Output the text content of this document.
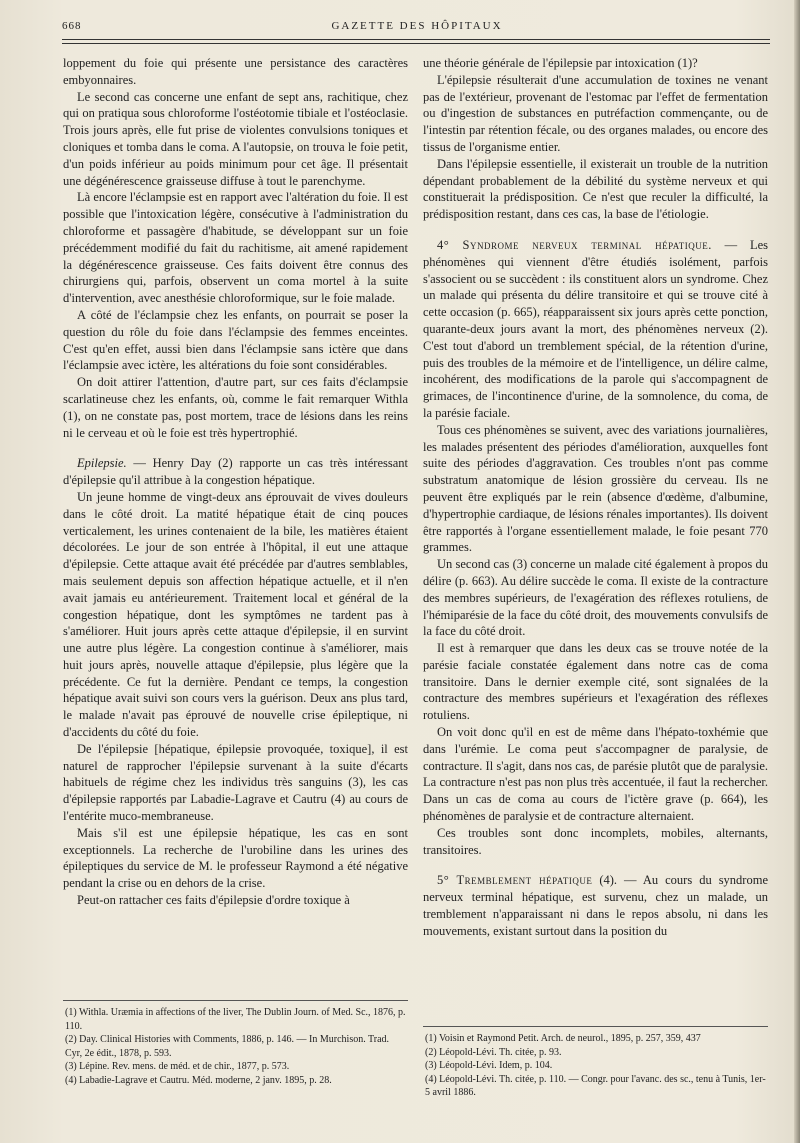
668	GAZETTE DES HÔPITAUX

loppement du foie qui présente une persistance des caractères embyonnaires.

Le second cas concerne une enfant de sept ans, rachitique, chez qui on pratiqua sous chloroforme l'ostéotomie tibiale et l'ostéoclasie. Trois jours après, elle fut prise de violentes convulsions toniques et cloniques et tomba dans le coma. A l'autopsie, on trouva le foie petit, d'un poids inférieur au poids minimum pour cet âge. Il présentait une dégénérescence graisseuse diffuse à tout le parenchyme.

Là encore l'éclampsie est en rapport avec l'altération du foie. Il est possible que l'intoxication légère, consécutive à l'administration du chloroforme et passagère d'habitude, se développant sur un foie précédemment modifié du fait du rachitisme, ait amené rapidement la dégénérescence graisseuse. Ces faits doivent être connus des chirurgiens qui, parfois, observent un coma mortel à la suite d'intervention, avec anesthésie chloroformique, sur le foie malade.

A côté de l'éclampsie chez les enfants, on pourrait se poser la question du rôle du foie dans l'éclampsie des femmes enceintes. C'est qu'en effet, aussi bien dans l'éclampsie sans ictère que dans l'éclampsie avec ictère, les altérations du foie sont considérables.

On doit attirer l'attention, d'autre part, sur ces faits d'éclampsie scarlatineuse chez les enfants, où, comme le fait remarquer Withla (1), on ne constate pas, post mortem, trace de lésions dans les reins ni le cerveau et où le foie est très hypertrophié.

Epilepsie. — Henry Day (2) rapporte un cas très intéressant d'épilepsie qu'il attribue à la congestion hépatique.

Un jeune homme de vingt-deux ans éprouvait de vives douleurs dans le côté droit. La matité hépatique était de cinq pouces verticalement, les urines contenaient de la bile, les matières étaient décolorées. Le jour de son entrée à l'hôpital, il eut une attaque d'épilepsie. Cette attaque avait été précédée par d'autres semblables, mais seulement depuis son affection hépatique actuelle, et il n'en avait jamais eu antérieurement. Traitement local et général de la congestion hépatique, dont les symptômes ne tardent pas à s'améliorer. Huit jours après cette attaque d'épilepsie, il en survint une autre plus légère. La congestion continue à s'améliorer, mais huit jours après, nouvelle attaque d'épilepsie, plus légère que la précédente. Ce fut la dernière. Pendant ce temps, la congestion hépatique avait suivi son cours vers la guérison. Deux ans plus tard, le malade n'avait pas éprouvé de nouvelle crise épileptique, ni d'accidents du côté du foie.

De l'épilepsie [hépatique, épilepsie provoquée, toxique], il est naturel de rapprocher l'épilepsie survenant à la suite d'écarts habituels de régime chez les individus très sanguins (3), les cas d'épilepsie rapportés par Labadie-Lagrave et Cautru (4) au cours de l'entérite muco-membraneuse.

Mais s'il est une épilepsie hépatique, les cas en sont exceptionnels. La recherche de l'urobiline dans les urines des épileptiques du service de M. le professeur Raymond a été négative pendant la crise ou en dehors de la crise.

Peut-on rattacher ces faits d'épilepsie d'ordre toxique à

(1) Withla. Uræmia in affections of the liver, The Dublin Journ. of Med. Sc., 1876, p. 110.

(2) Day. Clinical Histories with Comments, 1886, p. 146. — In Murchison. Trad. Cyr, 2e édit., 1878, p. 593.

(3) Lépine. Rev. mens. de méd. et de chir., 1877, p. 573.

(4) Labadie-Lagrave et Cautru. Méd. moderne, 2 janv. 1895, p. 28.

une théorie générale de l'épilepsie par intoxication (1)?

L'épilepsie résulterait d'une accumulation de toxines ne venant pas de l'extérieur, provenant de l'estomac par l'effet de fermentation ou d'ingestion de substances en putréfaction commençante, ou de l'intestin par rétention fécale, ou des organes malades, ou encore des tissus de l'organisme entier.

Dans l'épilepsie essentielle, il existerait un trouble de la nutrition dépendant probablement de la débilité du système nerveux et qui constituerait la prédisposition. Ce n'est que reculer la difficulté, la prédisposition restant, dans ces cas, la base de l'étiologie.

4° Syndrome nerveux terminal hépatique. — Les phénomènes qui viennent d'être étudiés isolément, parfois s'associent ou se succèdent : ils constituent alors un syndrome. Chez un malade qui présenta du délire transitoire et qui se trouve cité à cette occasion (p. 665), réapparaissent six jours après cette ponction, quarante-deux jours avant la mort, des phénomènes nerveux (2). C'est tout d'abord un tremblement spécial, de la rétention d'urine, puis des troubles de la mémoire et de l'intelligence, un délire calme, incohérent, des modifications de la parole qui s'accompagnent de grimaces, de l'incontinence d'urine, de la somnolence, du coma, de la parésie faciale.

Tous ces phénomènes se suivent, avec des variations journalières, les malades présentent des périodes d'amélioration, auxquelles font suite des périodes d'aggravation. Ces troubles n'ont pas comme substratum anatomique de lésion grossière du cerveau. Ils ne peuvent être expliqués par le rein (absence d'œdème, d'albumine, d'hypertrophie cardiaque, de lésions rénales importantes). Ils doivent être rapportés à l'organe essentiellement malade, le foie pesant 770 grammes.

Un second cas (3) concerne un malade cité également à propos du délire (p. 663). Au délire succède le coma. Il existe de la contracture des membres supérieurs, de l'exagération des réflexes rotuliens, de l'hémiparésie de la face du côté droit, des mouvements convulsifs de la face du côté droit.

Il est à remarquer que dans les deux cas se trouve notée de la parésie faciale constatée également dans notre cas de coma transitoire. Dans le dernier exemple cité, sont signalées de la contracture des membres supérieurs et l'exagération des réflexes rotuliens.

On voit donc qu'il en est de même dans l'hépato-toxhémie que dans l'urémie. Le coma peut s'accompagner de paralysie, de contracture. Il s'agit, dans nos cas, de parésie plutôt que de paralysie. La contracture n'est pas non plus très accentuée, il faut la rechercher. Dans un cas de coma au cours de l'ictère grave (p. 664), les phénomènes de paralysie et de contracture alternaient.

Ces troubles sont donc incomplets, mobiles, alternants, transitoires.

5° Tremblement hépatique (4). — Au cours du syndrome nerveux terminal hépatique, est survenu, chez un malade, un tremblement n'apparaissant ni dans le repos absolu, ni dans les mouvements, existant surtout dans la position du

(1) Voisin et Raymond Petit. Arch. de neurol., 1895, p. 257, 359, 437

(2) Léopold-Lévi. Th. citée, p. 93.

(3) Léopold-Lévi. Idem, p. 104.

(4) Léopold-Lévi. Th. citée, p. 110. — Congr. pour l'avanc. des sc., tenu à Tunis, 1er-5 avril 1886.
